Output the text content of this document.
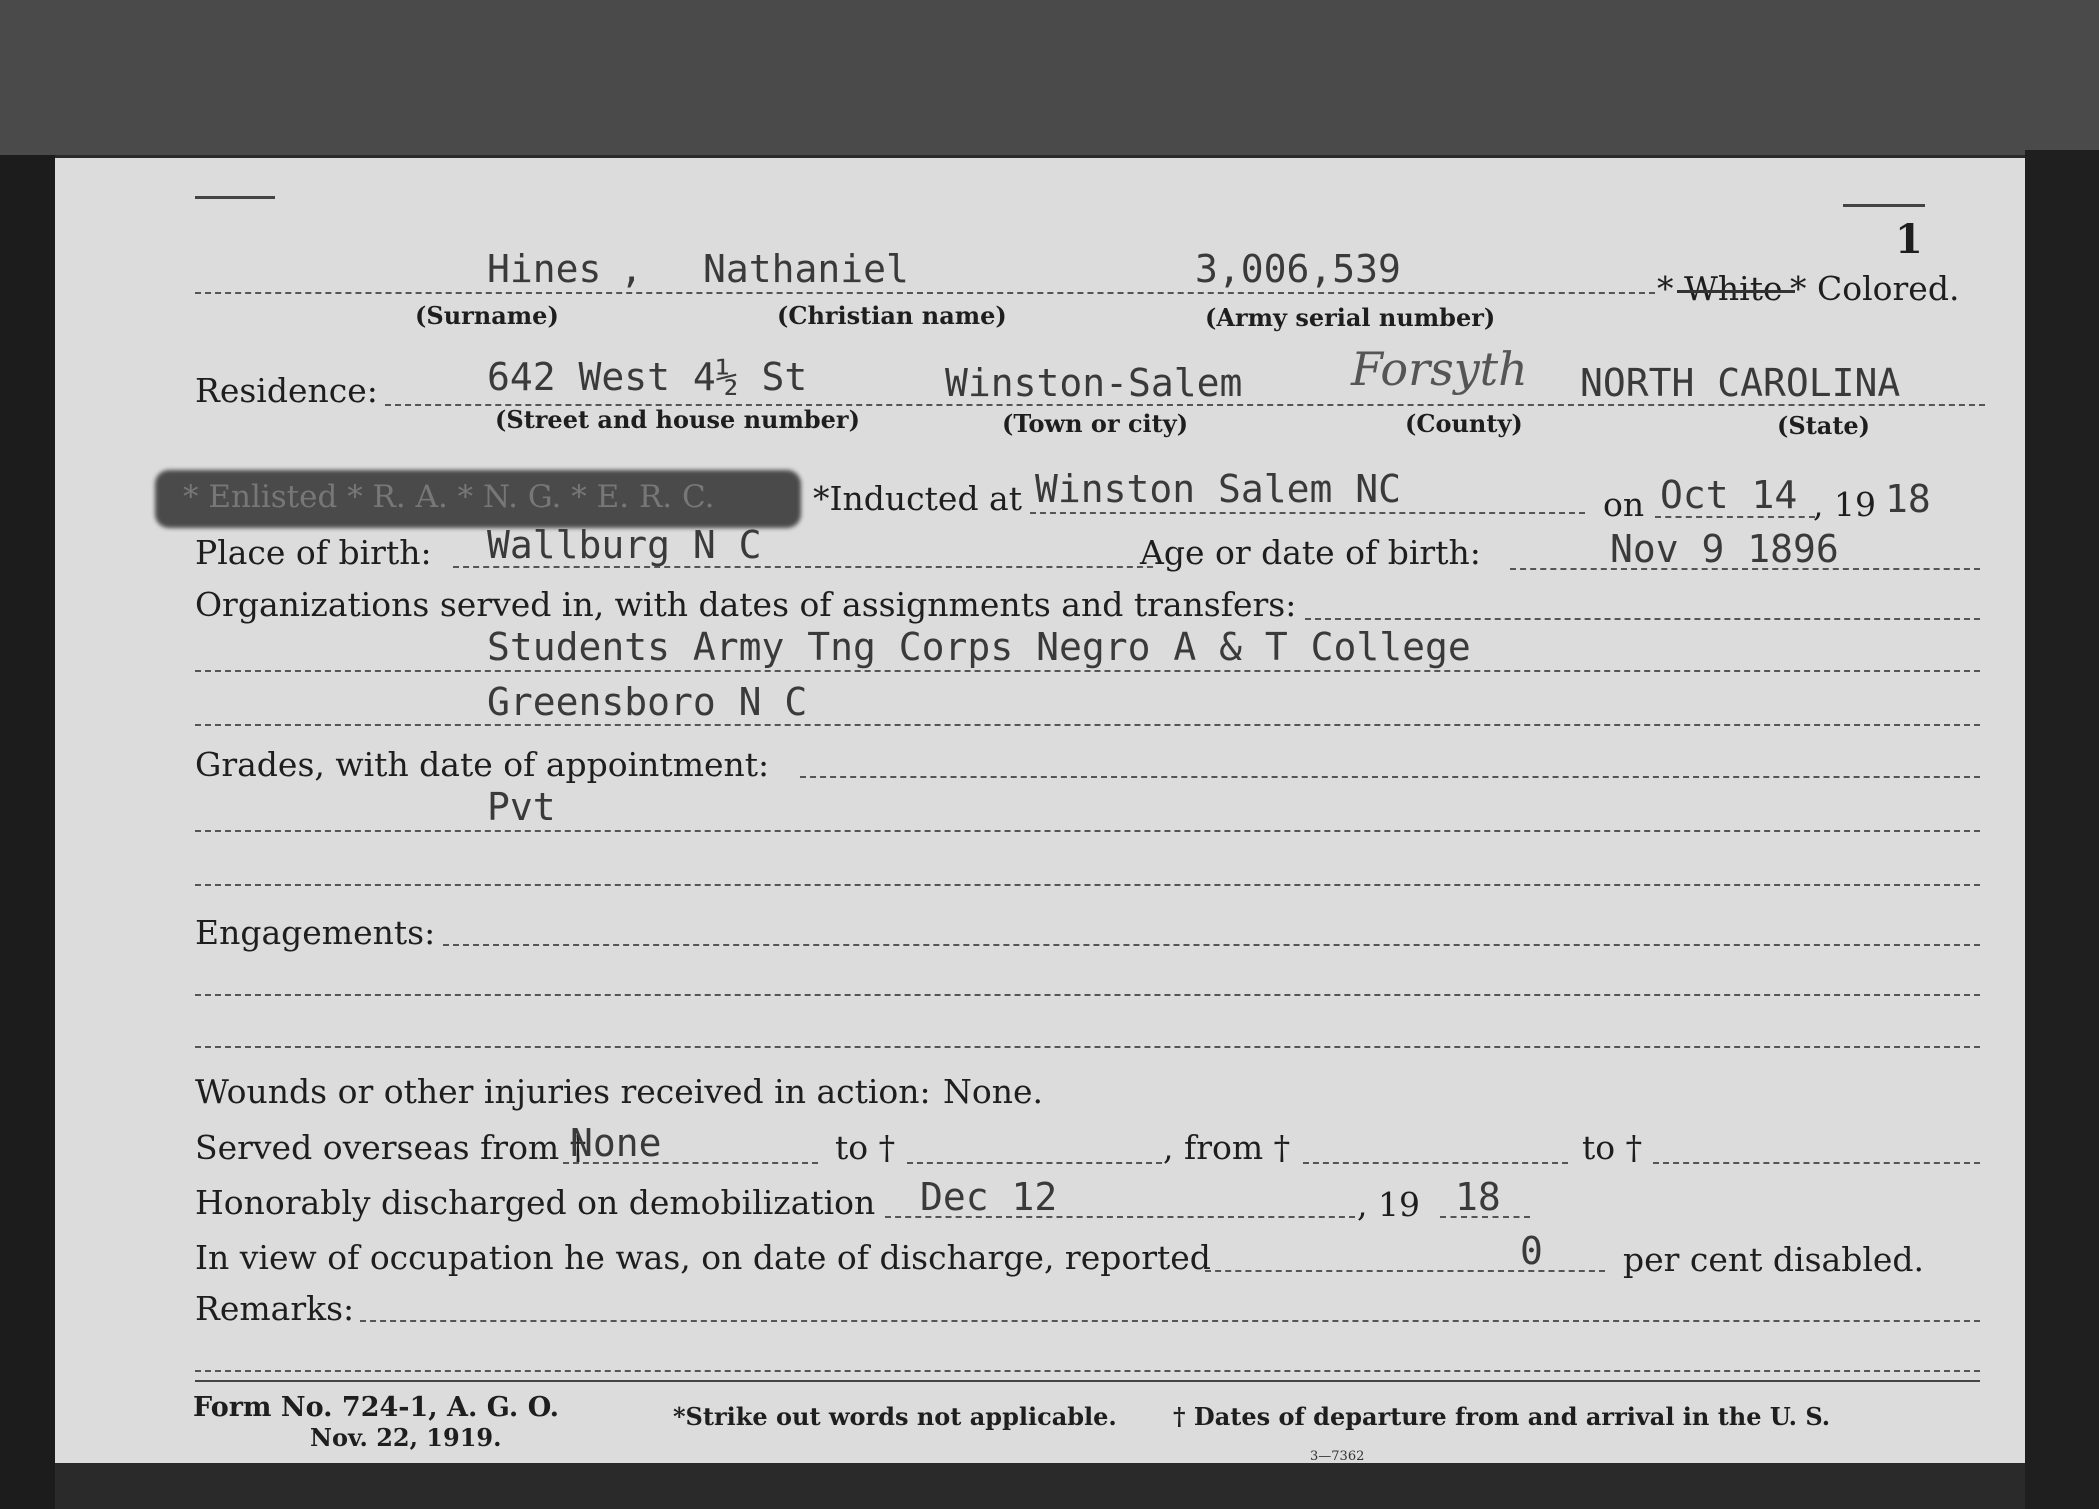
1
Hines , Nathaniel	3,006,539	* White * Colored.
(Surname)	(Christian name)	(Army serial number)
Residence:	642 West 4½ St	Winston-Salem Forsyth NORTH CAROLINA
(Street and house number)	(Town or city)	(County)	(State)
* Enlisted * R. A. * N. G. * E. R. C.	*Inducted at Winston Salem NC	on Oct 14 , 19 18
Place of birth: Wallburg N C	Age or date of birth:	Nov 9 1896
Organizations served in, with dates of assignments and transfers:
Students Army Tng Corps Negro A & T College
Greensboro N C
Grades, with date of appointment:
Pvt
Engagements:
Wounds or other injuries received in action: None.
Served overseas from †
None	to †	, from †	to †
Honorably discharged on demobilization Dec 12	, 19 18
In view of occupation he was, on date of discharge, reported	0 per cent disabled.
Remarks:
Form No. 724-1, A. G. O.
Nov. 22, 1919.
*Strike out words not applicable. † Dates of departure from and arrival in the U. S.
3—7362
